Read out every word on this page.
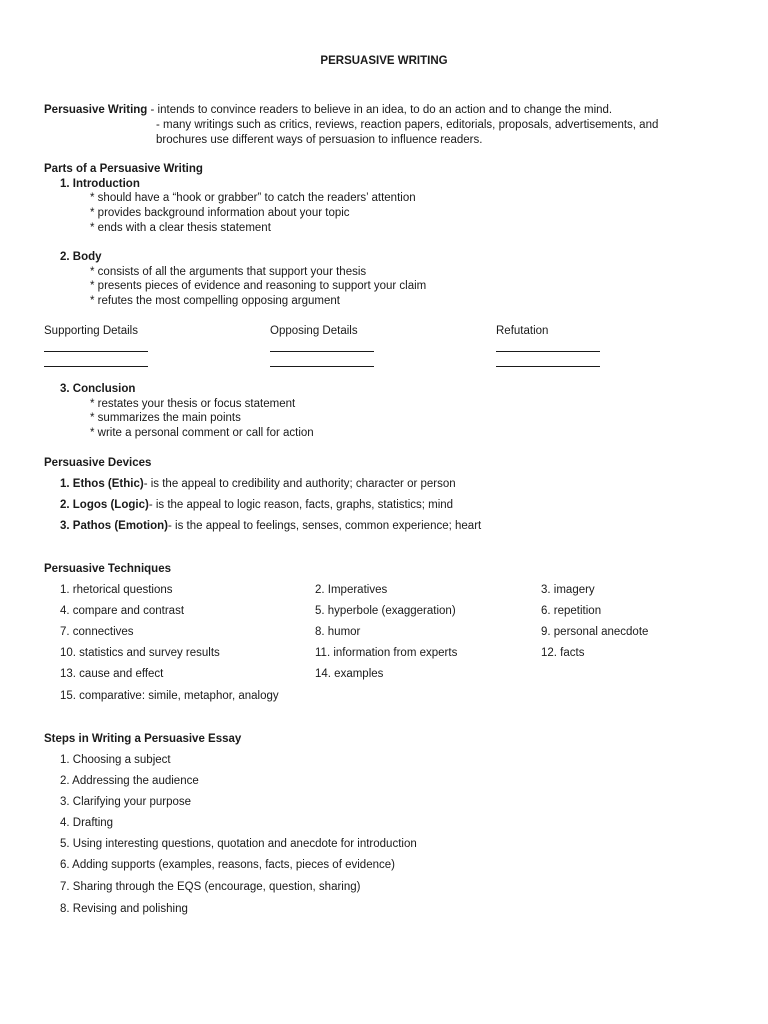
PERSUASIVE WRITING
Persuasive Writing - intends to convince readers to believe in an idea, to do an action and to change the mind.
- many writings such as critics, reviews, reaction papers, editorials, proposals, advertisements, and
brochures use different ways of persuasion to influence readers.
Parts of a Persuasive Writing
1. Introduction
* should have a “hook or grabber” to catch the readers’ attention
* provides background information about your topic
* ends with a clear thesis statement
2. Body
* consists of all the arguments that support your thesis
* presents pieces of evidence and reasoning to support your claim
* refutes the most compelling opposing argument
Supporting Details	Opposing Details	Refutation
3. Conclusion
* restates your thesis or focus statement
* summarizes the main points
* write a personal comment or call for action
Persuasive Devices
1. Ethos (Ethic)- is the appeal to credibility and authority; character or person
2. Logos (Logic)- is the appeal to logic reason, facts, graphs, statistics; mind
3. Pathos (Emotion)- is the appeal to feelings, senses, common experience; heart
Persuasive Techniques
1. rhetorical questions	2. Imperatives	3. imagery
4. compare and contrast	5. hyperbole (exaggeration)	6. repetition
7. connectives	8. humor	9. personal anecdote
10. statistics and survey results	11. information from experts	12. facts
13. cause and effect	14. examples
15. comparative: simile, metaphor, analogy
Steps in Writing a Persuasive Essay
1. Choosing a subject
2. Addressing the audience
3. Clarifying your purpose
4. Drafting
5. Using interesting questions, quotation and anecdote for introduction
6. Adding supports (examples, reasons, facts, pieces of evidence)
7. Sharing through the EQS (encourage, question, sharing)
8. Revising and polishing
